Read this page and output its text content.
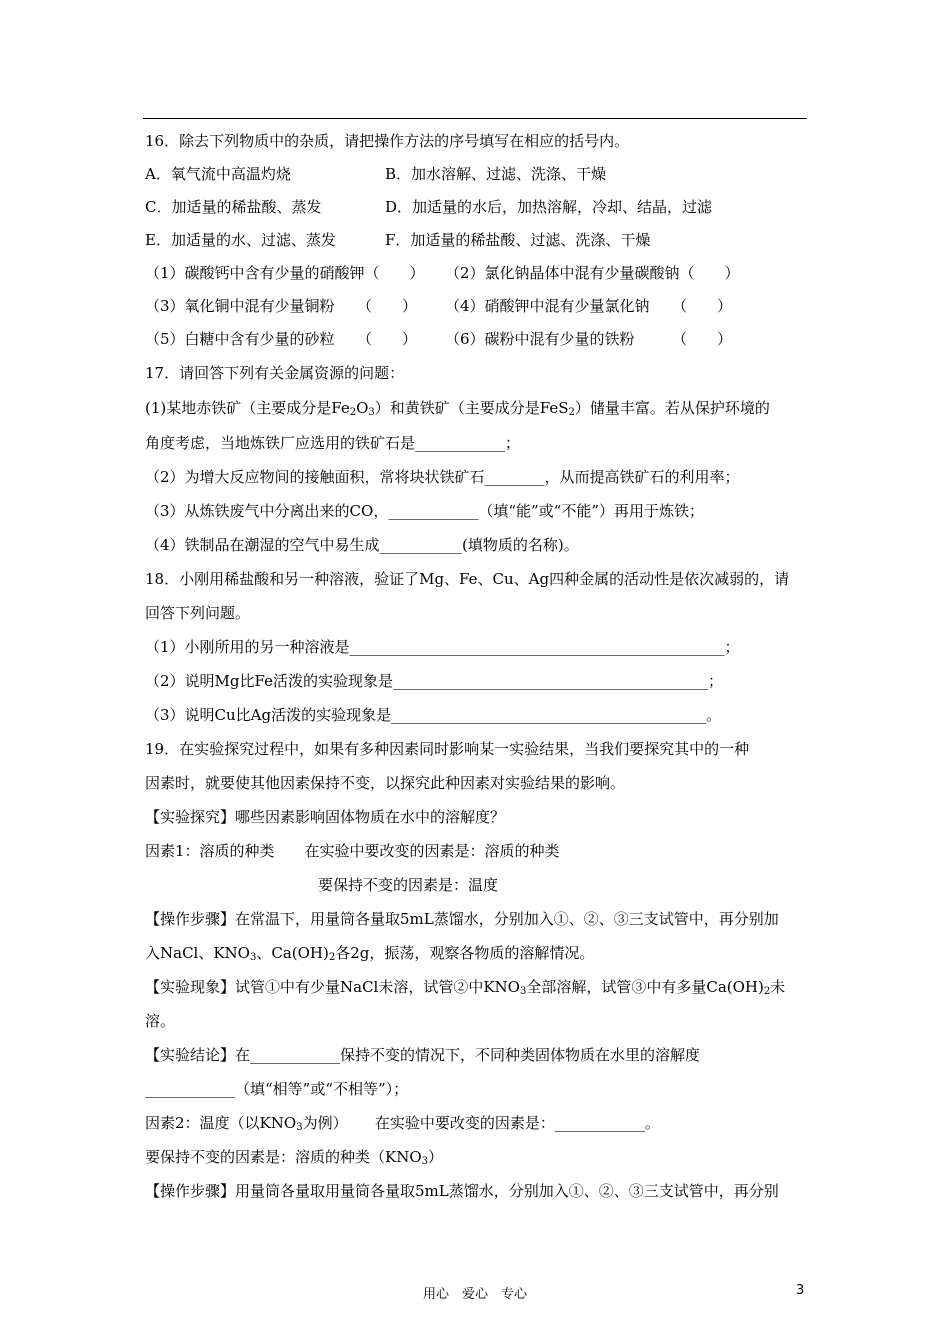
16．除去下列物质中的杂质，请把操作方法的序号填写在相应的括号内。
A．氧气流中高温灼烧	B．加水溶解、过滤、洗涤、干燥
C．加适量的稀盐酸、蒸发	D．加适量的水后，加热溶解，冷却、结晶，过滤
E．加适量的水、过滤、蒸发	F．加适量的稀盐酸、过滤、洗涤、干燥
（1）碳酸钙中含有少量的硝酸钾（　　） （2）氯化钠晶体中混有少量碳酸钠（　　）
（3）氧化铜中混有少量铜粉　　（　　） （4）硝酸钾中混有少量氯化钠　　（　　）
（5）白糖中含有少量的砂粒　　（　　） （6）碳粉中混有少量的铁粉　　　（　　）
17．请回答下列有关金属资源的问题：
(1)某地赤铁矿（主要成分是$Fe_2O_3$）和黄铁矿（主要成分是FeS$_2$）储量丰富。若从保护环境的
角度考虑，当地炼铁厂应选用的铁矿石是____________；
（2）为增大反应物间的接触面积，常将块状铁矿石________，从而提高铁矿石的利用率；
（3）从炼铁废气中分离出来的CO，____________（填“能”或“不能”）再用于炼铁；
（4）铁制品在潮湿的空气中易生成___________(填物质的名称)。
18．小刚用稀盐酸和另一种溶液，验证了Mg、Fe、Cu、Ag四种金属的活动性是依次减弱的，请
回答下列问题。
（1）小刚所用的另一种溶液是__________________________________________________；
（2）说明Mg比Fe活泼的实验现象是__________________________________________；
（3）说明Cu比Ag活泼的实验现象是__________________________________________。
19．在实验探究过程中，如果有多种因素同时影响某一实验结果，当我们要探究其中的一种
因素时，就要使其他因素保持不变，以探究此种因素对实验结果的影响。
【实验探究】哪些因素影响固体物质在水中的溶解度？
因素1：溶质的种类　　在实验中要改变的因素是：溶质的种类
要保持不变的因素是：温度
【操作步骤】在常温下，用量筒各量取5mL蒸馏水，分别加入①、②、③三支试管中，再分别加
入NaCl、$KNO_3$、$Ca(OH)_2$各2g，振荡，观察各物质的溶解情况。
【实验现象】试管①中有少量NaCl未溶，试管②中$KNO_3$全部溶解，试管③中有多量$Ca(OH)_2$未
溶。
【实验结论】在____________保持不变的情况下，不同种类固体物质在水里的溶解度
____________（填“相等”或“不相等”）；
因素2：温度（以$KNO_3$为例）　　 在实验中要改变的因素是：____________。
要保持不变的因素是：溶质的种类$(KNO_3)$
【操作步骤】用量筒各量取用量筒各量取5mL蒸馏水，分别加入①、②、③三支试管中，再分别
用心　爱心　专心	3
